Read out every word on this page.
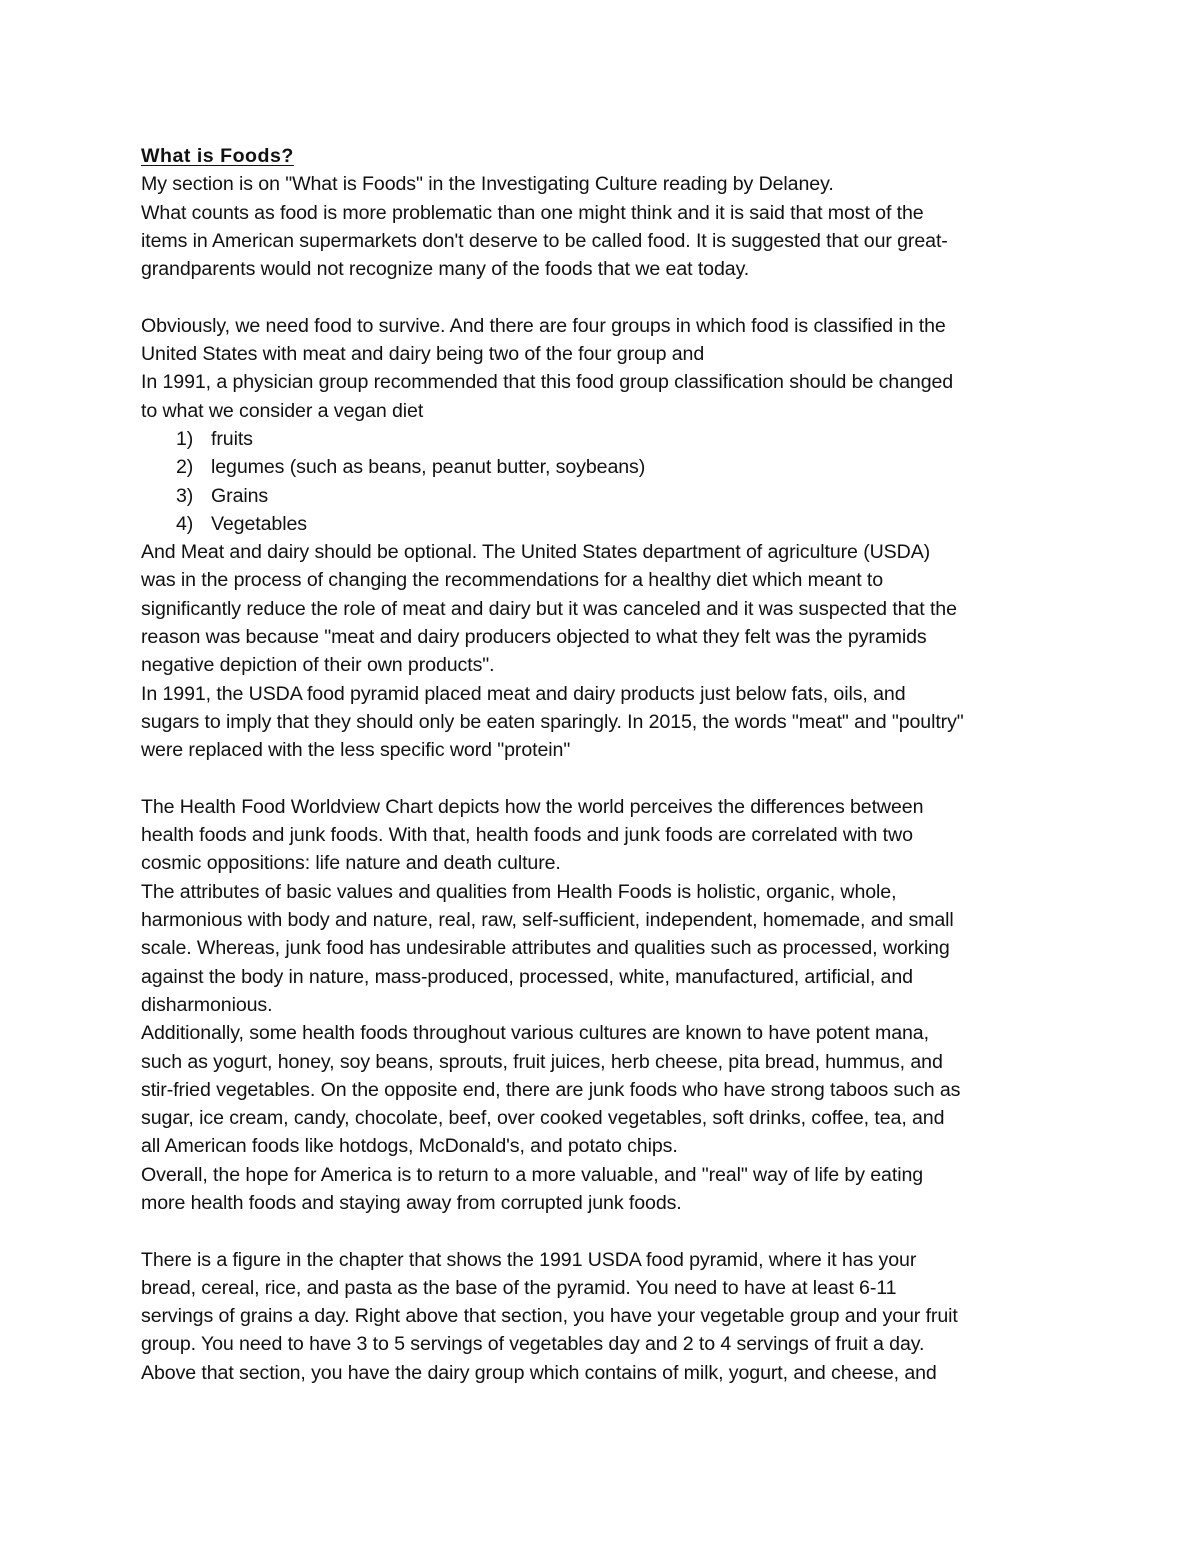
What is Foods?

My section is on "What is Foods" in the Investigating Culture reading by Delaney.

What counts as food is more problematic than one might think and it is said that most of the

items in American supermarkets don't deserve to be called food. It is suggested that our great-

grandparents would not recognize many of the foods that we eat today.

Obviously, we need food to survive. And there are four groups in which food is classified in the

United States with meat and dairy being two of the four group and

In 1991, a physician group recommended that this food group classification should be changed

to what we consider a vegan diet

1) fruits
2) legumes (such as beans, peanut butter, soybeans)
3) Grains
4) Vegetables

And Meat and dairy should be optional. The United States department of agriculture (USDA)

was in the process of changing the recommendations for a healthy diet which meant to

significantly reduce the role of meat and dairy but it was canceled and it was suspected that the

reason was because "meat and dairy producers objected to what they felt was the pyramids

negative depiction of their own products".

In 1991, the USDA food pyramid placed meat and dairy products just below fats, oils, and

sugars to imply that they should only be eaten sparingly. In 2015, the words "meat" and "poultry"

were replaced with the less specific word "protein"

The Health Food Worldview Chart depicts how the world perceives the differences between

health foods and junk foods. With that, health foods and junk foods are correlated with two

cosmic oppositions: life nature and death culture.

The attributes of basic values and qualities from Health Foods is holistic, organic, whole,

harmonious with body and nature, real, raw, self-sufficient, independent, homemade, and small

scale. Whereas, junk food has undesirable attributes and qualities such as processed, working

against the body in nature, mass-produced, processed, white, manufactured, artificial, and

disharmonious.

Additionally, some health foods throughout various cultures are known to have potent mana,

such as yogurt, honey, soy beans, sprouts, fruit juices, herb cheese, pita bread, hummus, and

stir-fried vegetables. On the opposite end, there are junk foods who have strong taboos such as

sugar, ice cream, candy, chocolate, beef, over cooked vegetables, soft drinks, coffee, tea, and

all American foods like hotdogs, McDonald's, and potato chips.

Overall, the hope for America is to return to a more valuable, and "real" way of life by eating

more health foods and staying away from corrupted junk foods.

There is a figure in the chapter that shows the 1991 USDA food pyramid, where it has your

bread, cereal, rice, and pasta as the base of the pyramid. You need to have at least 6-11

servings of grains a day. Right above that section, you have your vegetable group and your fruit

group. You need to have 3 to 5 servings of vegetables day and 2 to 4 servings of fruit a day.

Above that section, you have the dairy group which contains of milk, yogurt, and cheese, and
